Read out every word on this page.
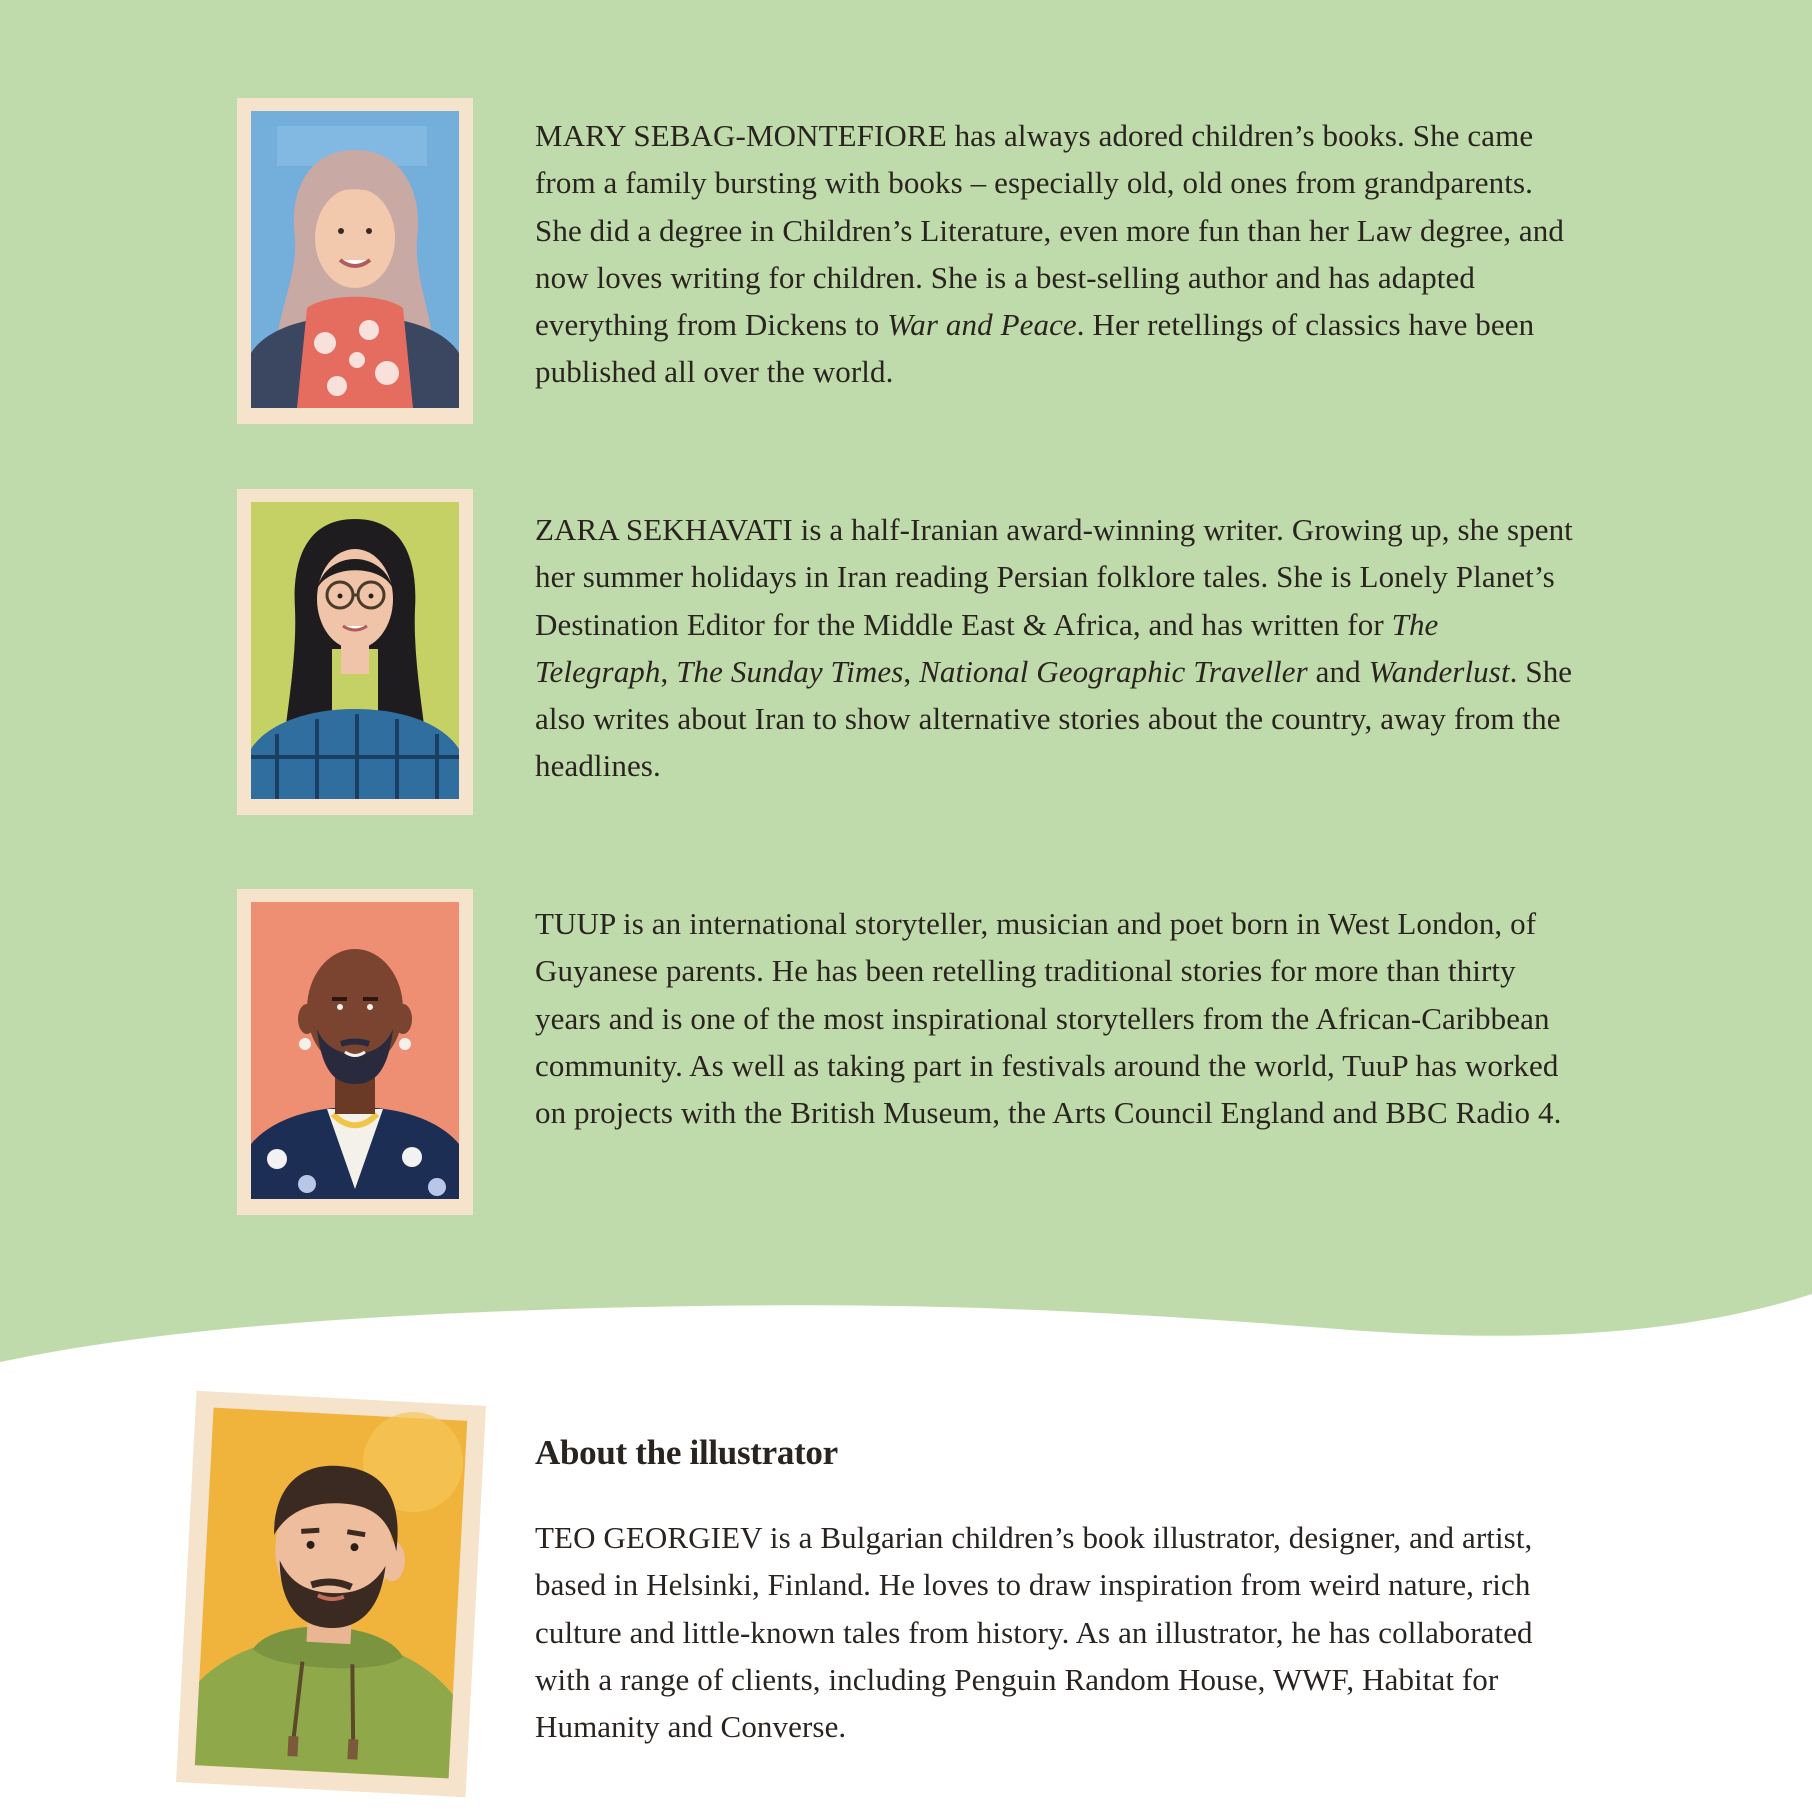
MARY SEBAG-MONTEFIORE has always adored children’s books. She came from a family bursting with books – especially old, old ones from grandparents. She did a degree in Children’s Literature, even more fun than her Law degree, and now loves writing for children. She is a best-selling author and has adapted everything from Dickens to War and Peace. Her retellings of classics have been published all over the world.

ZARA SEKHAVATI is a half-Iranian award-winning writer. Growing up, she spent her summer holidays in Iran reading Persian folklore tales. She is Lonely Planet’s Destination Editor for the Middle East & Africa, and has written for The Telegraph, The Sunday Times, National Geographic Traveller and Wanderlust. She also writes about Iran to show alternative stories about the country, away from the headlines.

TUUP is an international storyteller, musician and poet born in West London, of Guyanese parents. He has been retelling traditional stories for more than thirty years and is one of the most inspirational storytellers from the African-Caribbean community. As well as taking part in festivals around the world, TuuP has worked on projects with the British Museum, the Arts Council England and BBC Radio 4.

About the illustrator

TEO GEORGIEV is a Bulgarian children’s book illustrator, designer, and artist, based in Helsinki, Finland. He loves to draw inspiration from weird nature, rich culture and little-known tales from history. As an illustrator, he has collaborated with a range of clients, including Penguin Random House, WWF, Habitat for Humanity and Converse.
